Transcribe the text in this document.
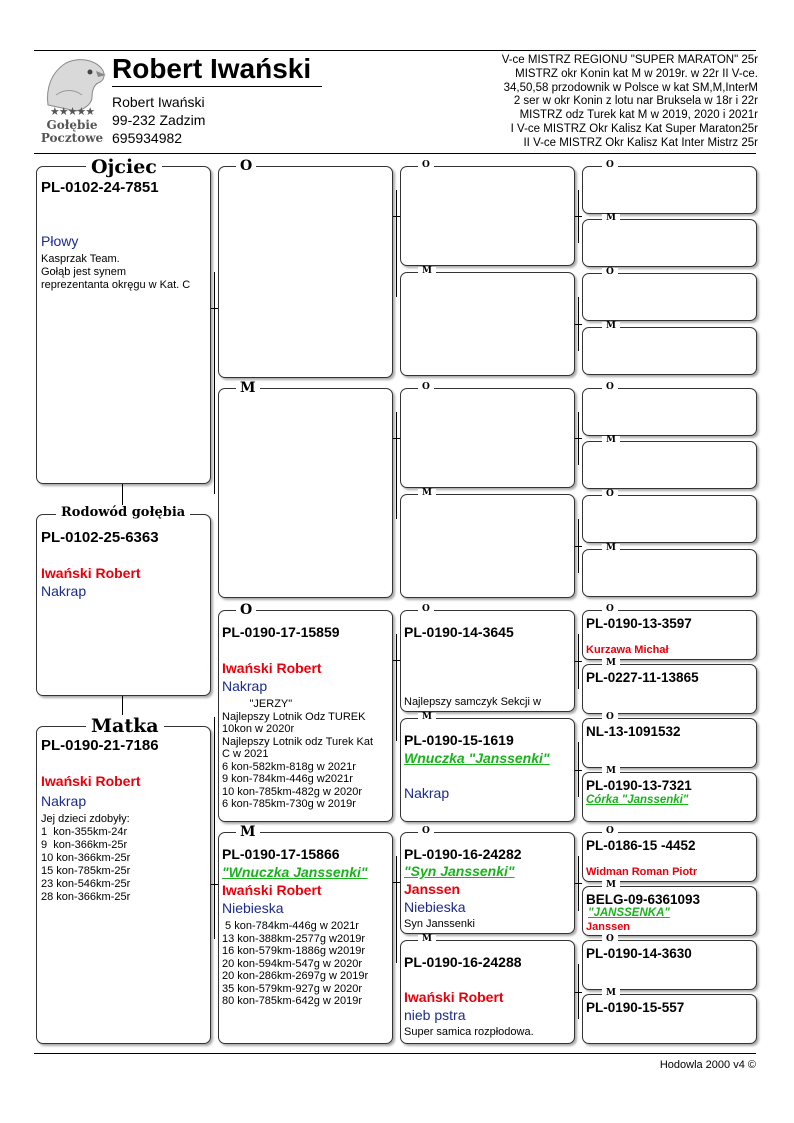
★★★★★
Gołębie
Pocztowe
Robert Iwański
Robert Iwański
99-232 Zadzim
695934982
V-ce MISTRZ REGIONU "SUPER MARATON" 25r
MISTRZ okr Konin kat M w 2019r. w 22r II V-ce.
34,50,58 przodownik w Polsce w kat SM,M,InterM
2 ser w okr Konin z lotu nar Bruksela w 18r i 22r
MISTRZ odz Turek kat M w 2019, 2020 i 2021r
I V-ce MISTRZ Okr Kalisz Kat Super Maraton25r
II V-ce MISTRZ Okr Kalisz Kat Inter Mistrz 25r
PL-0102-24-7851
Płowy
Kasprzak Team.
Gołąb jest synem
reprezentanta okręgu w Kat. C
Ojciec
PL-0102-25-6363
Iwański Robert
Nakrap
Rodowód gołębia
PL-0190-21-7186
Iwański Robert
Nakrap
Jej dzieci zdobyły:
1  kon-355km-24r
9  kon-366km-25r
10 kon-366km-25r
15 kon-785km-25r
23 kon-546km-25r
28 kon-366km-25r
Matka
O
M
PL-0190-17-15859
Iwański Robert
Nakrap
"JERZY"
Najlepszy Lotnik Odz TUREK
10kon w 2020r
Najlepszy Lotnik odz Turek Kat
C w 2021
6 kon-582km-818g w 2021r
9 kon-784km-446g w2021r
10 kon-785km-482g w 2020r
6 kon-785km-730g w 2019r
O
PL-0190-17-15866
"Wnuczka Janssenki"
Iwański Robert
Niebieska
5 kon-784km-446g w 2021r
13 kon-388km-2577g w2019r
16 kon-579km-1886g w2019r
20 kon-594km-547g w 2020r
20 kon-286km-2697g w 2019r
35 kon-579km-927g w 2020r
80 kon-785km-642g w 2019r
M
O
M
O
M
PL-0190-14-3645
Najlepszy samczyk Sekcji w
O
PL-0190-15-1619
Wnuczka "Janssenki"
Nakrap
M
PL-0190-16-24282
"Syn Janssenki"
Janssen
Niebieska
Syn Janssenki
O
PL-0190-16-24288
Iwański Robert
nieb pstra
Super samica rozpłodowa.
M
O
M
O
M
O
M
O
M
PL-0190-13-3597
Kurzawa Michał
O
PL-0227-11-13865
M
NL-13-1091532
O
PL-0190-13-7321
Córka "Janssenki"
M
PL-0186-15 -4452
Widman Roman Piotr
O
BELG-09-6361093
"JANSSENKA"
Janssen
M
PL-0190-14-3630
O
PL-0190-15-557
M
Hodowla 2000 v4 ©
